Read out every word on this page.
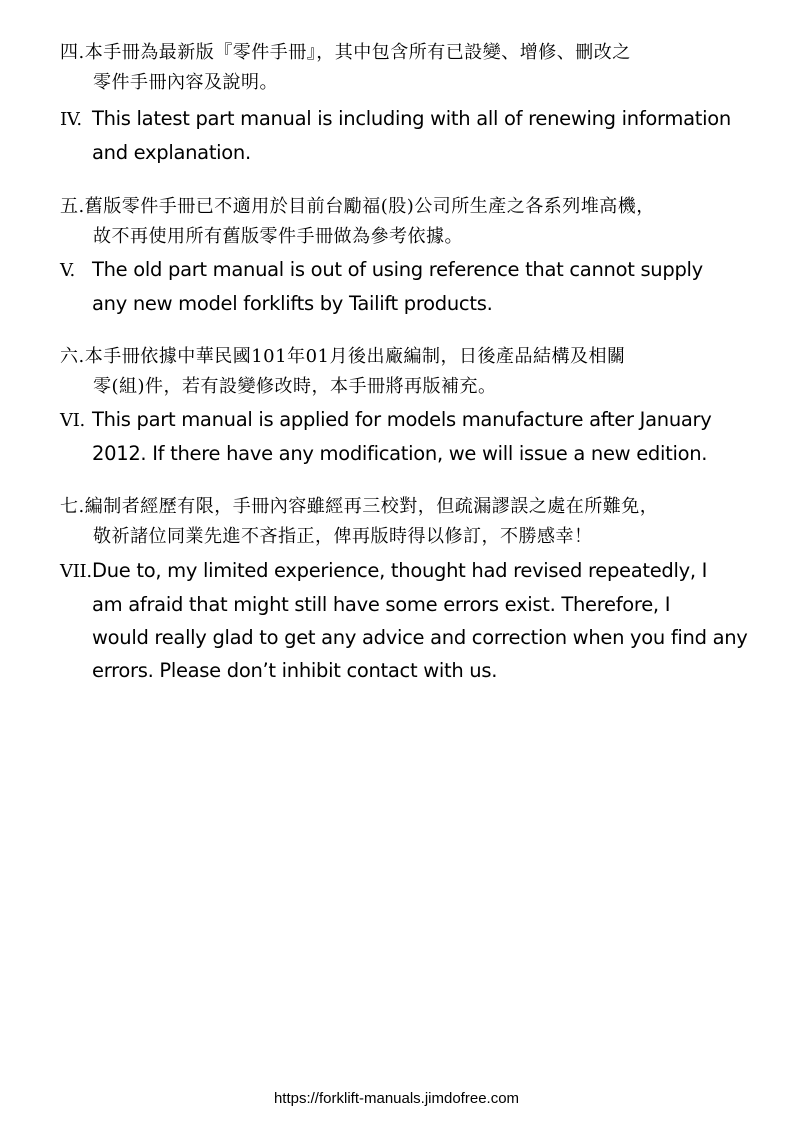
四.本手冊為最新版『零件手冊』，其中包含所有已設變、增修、刪改之
零件手冊內容及說明。
IV. This latest part manual is including with all of renewing information
and explanation.
五.舊版零件手冊已不適用於目前台勵福(股)公司所生產之各系列堆高機，
故不再使用所有舊版零件手冊做為參考依據。
V. The old part manual is out of using reference that cannot supply
any new model forklifts by Tailift products.
六.本手冊依據中華民國101年01月後出廠編制，日後產品結構及相關
零(組)件，若有設變修改時，本手冊將再版補充。
VI. This part manual is applied for models manufacture after January
2012. If there have any modification, we will issue a new edition.
七.編制者經歷有限，手冊內容雖經再三校對，但疏漏謬誤之處在所難免，
敬祈諸位同業先進不吝指正，俾再版時得以修訂，不勝感幸！
VII.Due to, my limited experience, thought had revised repeatedly, I
am afraid that might still have some errors exist. Therefore, I
would really glad to get any advice and correction when you find any
errors. Please don’t inhibit contact with us.
https://forklift-manuals.jimdofree.com
